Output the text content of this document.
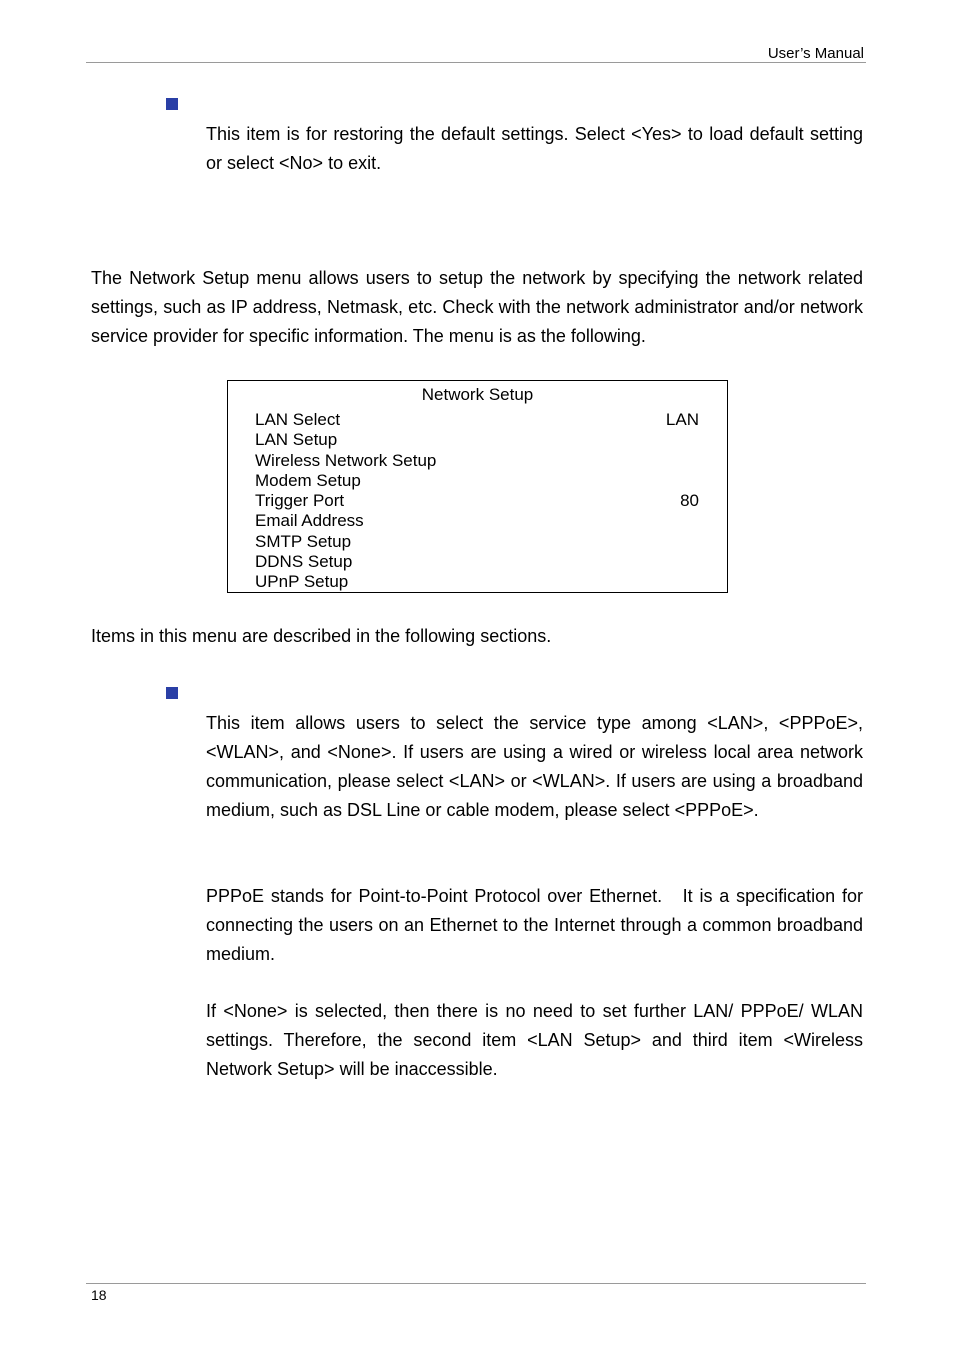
User’s Manual

This item is for restoring the default settings. Select <Yes> to load default setting or select <No> to exit.

The Network Setup menu allows users to setup the network by specifying the network related settings, such as IP address, Netmask, etc. Check with the network administrator and/or network service provider for specific information. The menu is as the following.

Network Setup
LAN Select	LAN
LAN Setup
Wireless Network Setup
Modem Setup
Trigger Port	80
Email Address
SMTP Setup
DDNS Setup
UPnP Setup

Items in this menu are described in the following sections.

This item allows users to select the service type among <LAN>, <PPPoE>, <WLAN>, and <None>. If users are using a wired or wireless local area network communication, please select <LAN> or <WLAN>. If users are using a broadband medium, such as DSL Line or cable modem, please select <PPPoE>.

PPPoE stands for Point-to-Point Protocol over Ethernet.   It is a specification for connecting the users on an Ethernet to the Internet through a common broadband medium.

If <None> is selected, then there is no need to set further LAN/ PPPoE/ WLAN settings. Therefore, the second item <LAN Setup> and third item <Wireless Network Setup> will be inaccessible.

18
